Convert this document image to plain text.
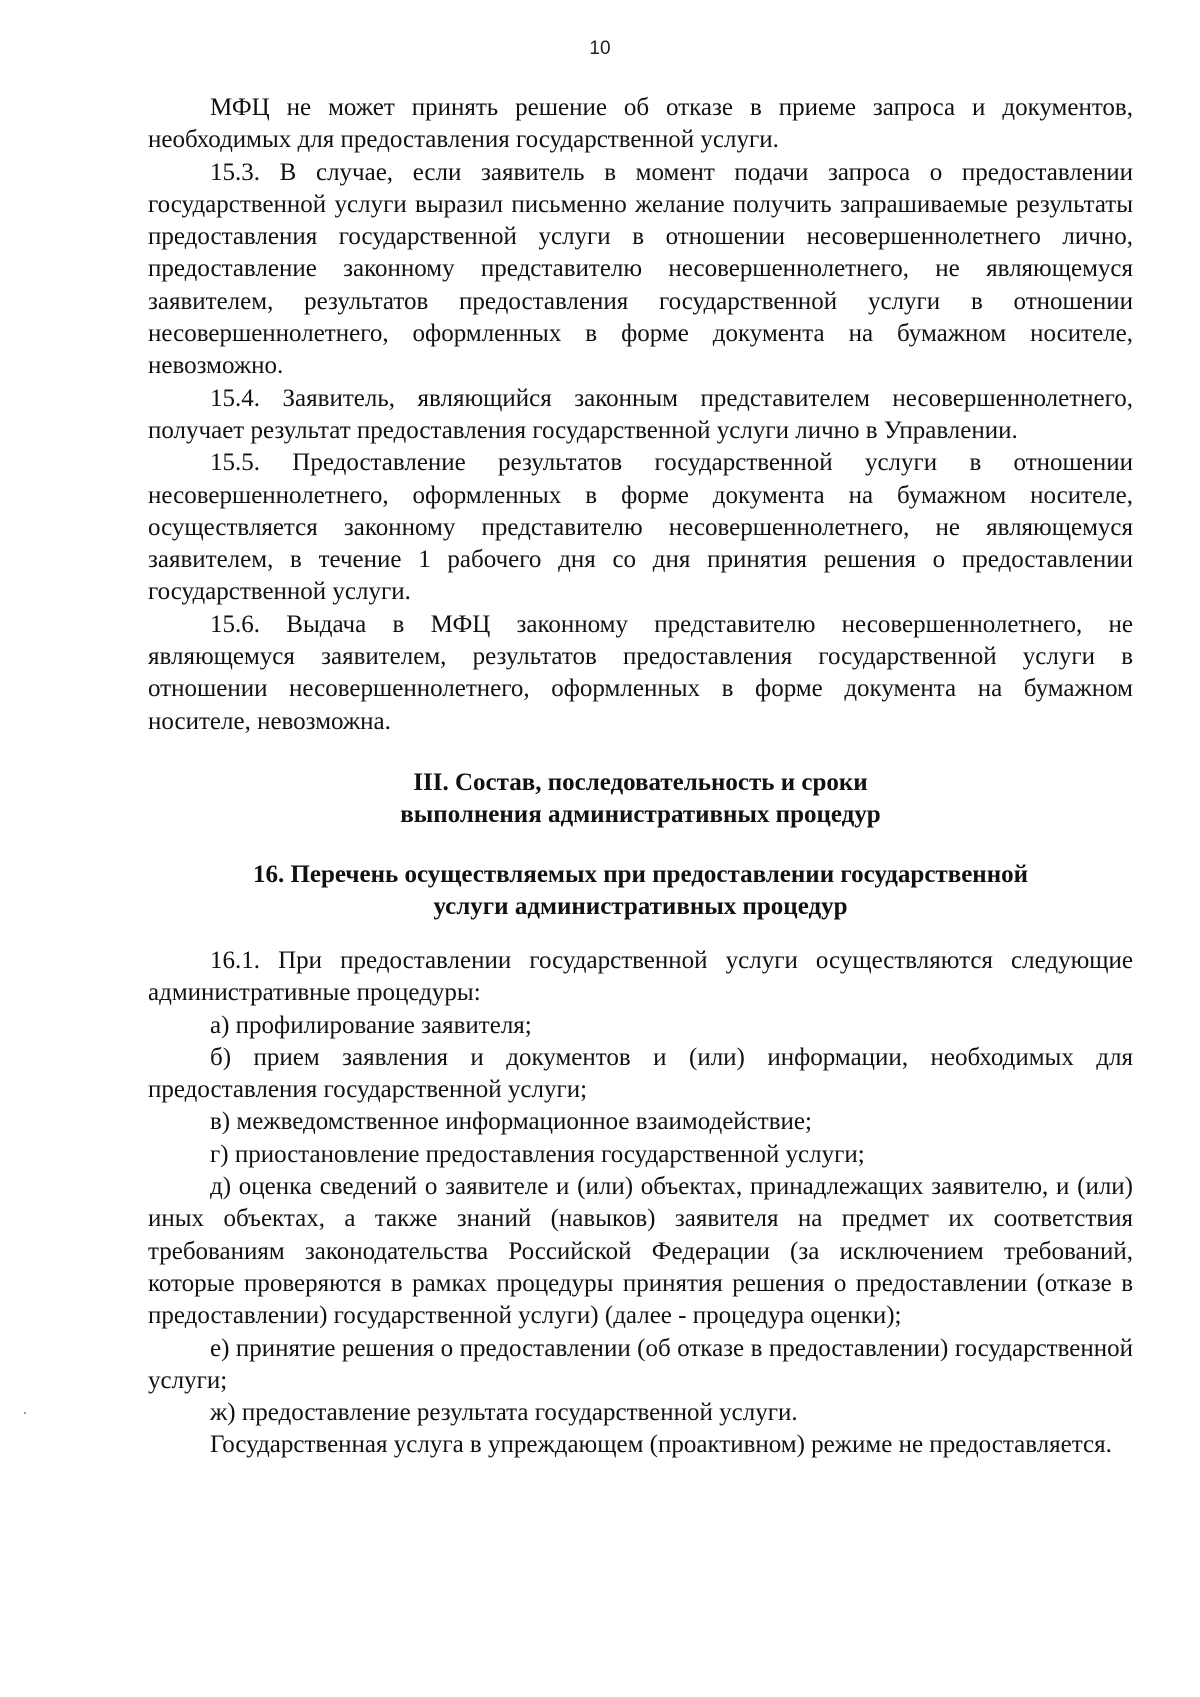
10

МФЦ не может принять решение об отказе в приеме запроса и документов, необходимых для предоставления государственной услуги.

15.3. В случае, если заявитель в момент подачи запроса о предоставлении государственной услуги выразил письменно желание получить запрашиваемые результаты предоставления государственной услуги в отношении несовершеннолетнего лично, предоставление законному представителю несовершеннолетнего, не являющемуся заявителем, результатов предоставления государственной услуги в отношении несовершеннолетнего, оформленных в форме документа на бумажном носителе, невозможно.

15.4. Заявитель, являющийся законным представителем несовершеннолетнего, получает результат предоставления государственной услуги лично в Управлении.

15.5. Предоставление результатов государственной услуги в отношении несовершеннолетнего, оформленных в форме документа на бумажном носителе, осуществляется законному представителю несовершеннолетнего, не являющемуся заявителем, в течение 1 рабочего дня со дня принятия решения о предоставлении государственной услуги.

15.6. Выдача в МФЦ законному представителю несовершеннолетнего, не являющемуся заявителем, результатов предоставления государственной услуги в отношении несовершеннолетнего, оформленных в форме документа на бумажном носителе, невозможна.

III. Состав, последовательность и сроки
выполнения административных процедур
16. Перечень осуществляемых при предоставлении государственной
услуги административных процедур

16.1. При предоставлении государственной услуги осуществляются следующие административные процедуры:

а) профилирование заявителя;

б) прием заявления и документов и (или) информации, необходимых для предоставления государственной услуги;

в) межведомственное информационное взаимодействие;

г) приостановление предоставления государственной услуги;

д) оценка сведений о заявителе и (или) объектах, принадлежащих заявителю, и (или) иных объектах, а также знаний (навыков) заявителя на предмет их соответствия требованиям законодательства Российской Федерации (за исключением требований, которые проверяются в рамках процедуры принятия решения о предоставлении (отказе в предоставлении) государственной услуги) (далее - процедура оценки);

е) принятие решения о предоставлении (об отказе в предоставлении) государственной услуги;

ж) предоставление результата государственной услуги.

Государственная услуга в упреждающем (проактивном) режиме не предоставляется.
